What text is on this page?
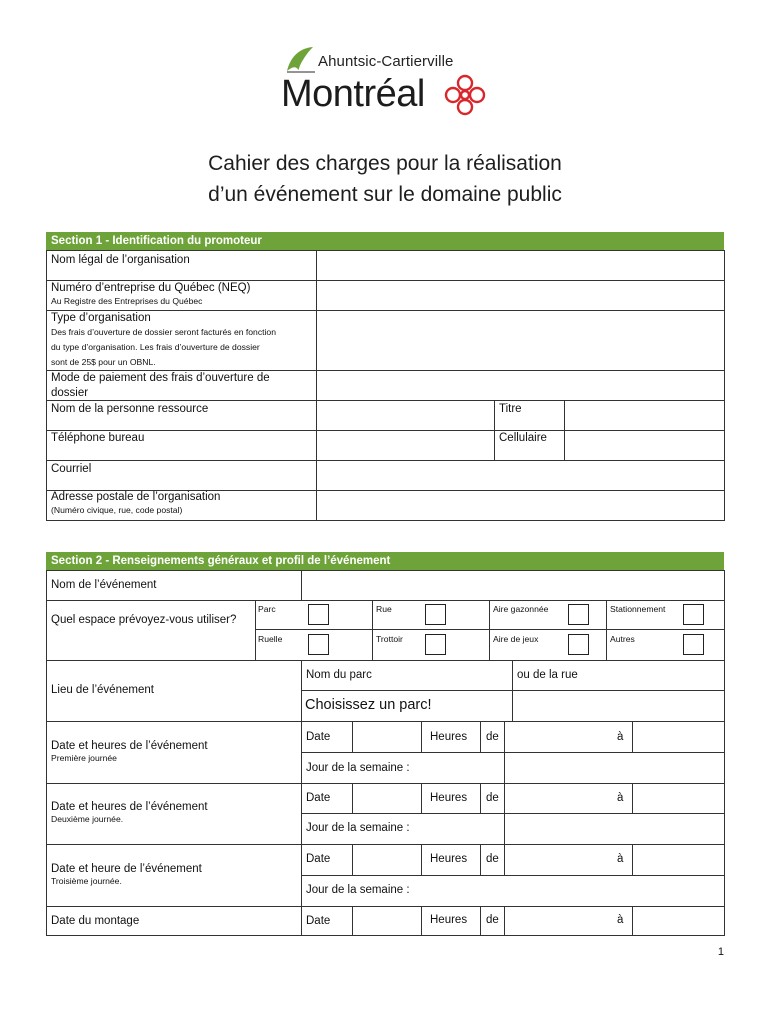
Ahuntsic-Cartierville
Montréal
Cahier des charges pour la réalisation
d’un événement sur le domaine public
Section 1 - Identification du promoteur
Nom légal de l’organisation
Numéro d’entreprise du Québec (NEQ)
Au Registre des Entreprises du Québec
Type d’organisation
Des frais d’ouverture de dossier seront facturés en fonction
du type d’organisation. Les frais d’ouverture de dossier
sont de 25$ pour un OBNL.
Mode de paiement des frais d’ouverture de
dossier
Nom de la personne ressource	Titre
Téléphone bureau	Cellulaire
Courriel
Adresse postale de l’organisation
(Numéro civique, rue, code postal)
Section 2 - Renseignements généraux et profil de l’événement
Nom de l’événement
Quel espace prévoyez-vous utiliser?
Parc	Rue	Aire gazonnée	Stationnement
Ruelle	Trottoir	Aire de jeux	Autres
Lieu de l’événement
Nom du parc	ou de la rue
Choisissez un parc!
Date et heures de l’événement
Première journée
Date	Heures de	à
Jour de la semaine :
Date et heures de l’événement
Deuxième journée.
Date	Heures de	à
Jour de la semaine :
Date et heure de l’événement
Troisième journée.
Date	Heures de	à
Jour de la semaine :
Date du montage	Date	Heures de	à
1
